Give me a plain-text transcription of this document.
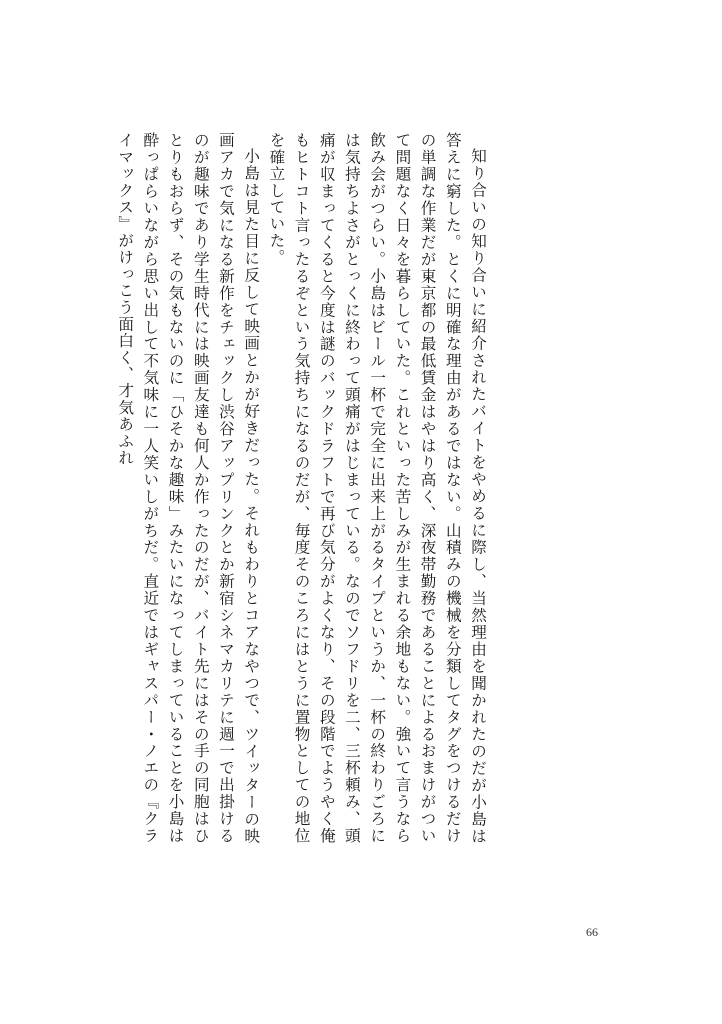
知り合いの知り合いに紹介されたバイトをやめるに際し、当然理由を聞かれたのだが小島は答えに窮した。とくに明確な理由があるではない。山積みの機械を分類してタグをつけるだけの単調な作業だが東京都の最低賃金はやはり高く、深夜帯勤務であることによるおまけがついて問題なく日々を暮らしていた。これといった苦しみが生まれる余地もない。強いて言うなら飲み会がつらい。小島はビール一杯で完全に出来上がるタイプというか、一杯の終わりごろには気持ちよさがとっくに終わって頭痛がはじまっている。なのでソフドリを二、三杯頼み、頭痛が収まってくると今度は謎のバックドラフトで再び気分がよくなり、その段階でようやく俺もヒトコト言ったるぞという気持ちになるのだが、毎度そのころにはとうに置物としての地位を確立していた。

小島は見た目に反して映画とかが好きだった。それもわりとコアなやつで、ツイッターの映画アカで気になる新作をチェックし渋谷アップリンクとか新宿シネマカリテに週一で出掛けるのが趣味であり学生時代には映画友達も何人か作ったのだが、バイト先にはその手の同胞はひとりもおらず、その気もないのに「ひそかな趣味」みたいになってしまっていることを小島は酔っぱらいながら思い出して不気味に一人笑いしがちだ。直近ではギャスパー・ノエの『クライマックス』がけっこう面白く、才気あふれ

66
